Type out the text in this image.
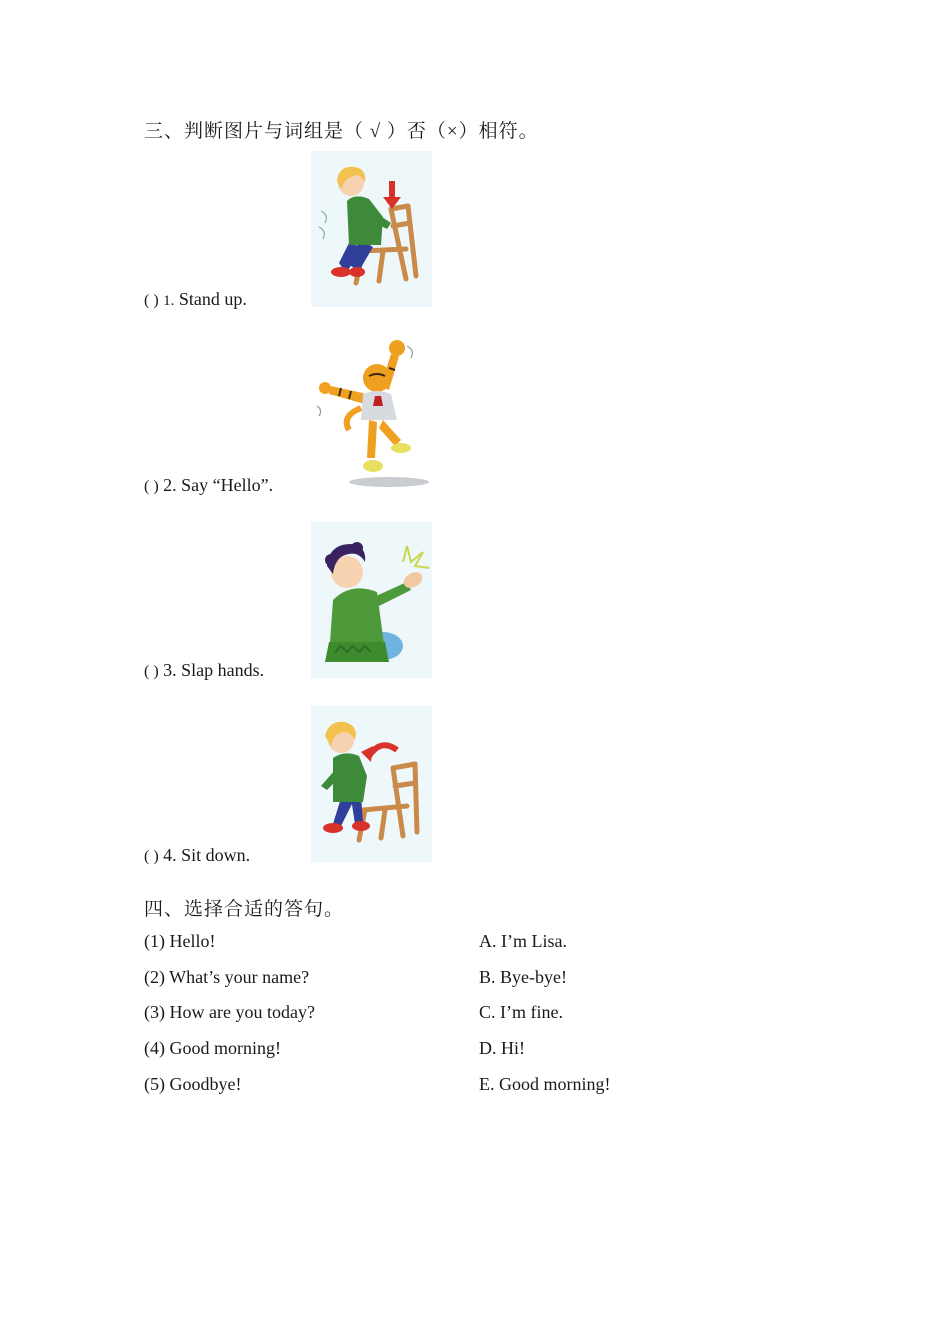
三、判断图片与词组是（ √ ）否（×）相符。
( ) 1. Stand up.
( ) 2. Say “Hello”.
( ) 3. Slap hands.
( ) 4. Sit down.
四、选择合适的答句。
(1) Hello!	A. I’m Lisa.
(2) What’s your name?	B. Bye-bye!
(3) How are you today?	C. I’m fine.
(4) Good morning!	D. Hi!
(5) Goodbye!	E. Good morning!
